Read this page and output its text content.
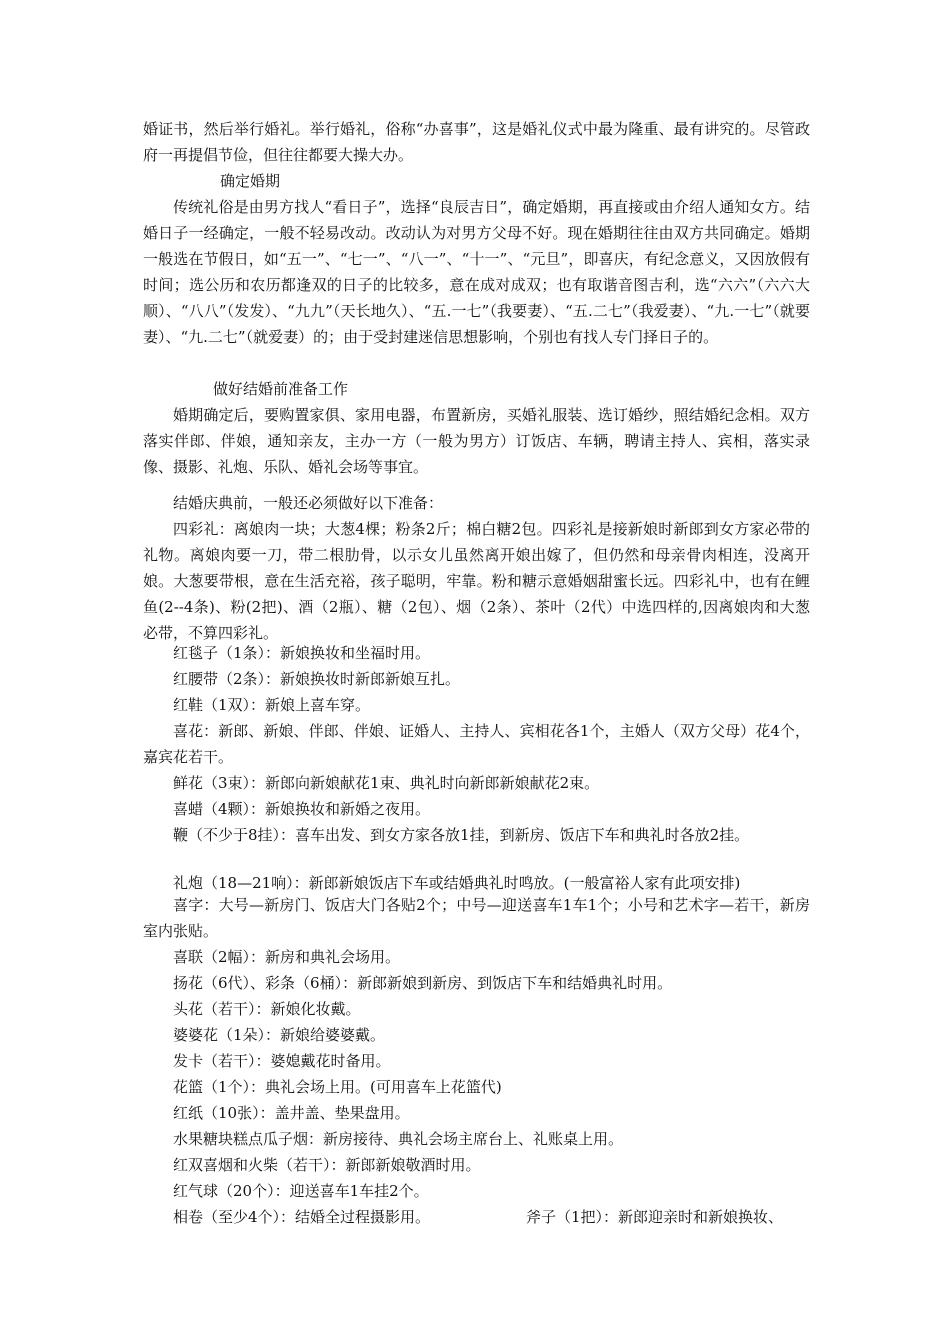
婚证书，然后举行婚礼。举行婚礼，俗称“办喜事”，这是婚礼仪式中最为隆重、最有讲究的。尽管政府一再提倡节俭，但往往都要大操大办。

确定婚期

传统礼俗是由男方找人“看日子”，选择“良辰吉日”，确定婚期，再直接或由介绍人通知女方。结婚日子一经确定，一般不轻易改动。改动认为对男方父母不好。现在婚期往往由双方共同确定。婚期一般选在节假日，如“五一”、“七一”、“八一”、“十一”、“元旦”，即喜庆，有纪念意义，又因放假有时间；选公历和农历都逢双的日子的比较多，意在成对成双；也有取谐音图吉利，选“六六”（六六大顺）、“八八”（发发）、“九九”（天长地久）、“五.一七”（我要妻）、“五.二七”（我爱妻）、“九.一七”（就要妻）、“九.二七”（就爱妻）的；由于受封建迷信思想影响，个别也有找人专门择日子的。

做好结婚前准备工作

婚期确定后，要购置家俱、家用电器，布置新房，买婚礼服装、选订婚纱，照结婚纪念相。双方落实伴郎、伴娘，通知亲友，主办一方（一般为男方）订饭店、车辆，聘请主持人、宾相，落实录像、摄影、礼炮、乐队、婚礼会场等事宜。

结婚庆典前，一般还必须做好以下准备：

四彩礼：离娘肉一块；大葱4棵；粉条2斤；棉白糖2包。四彩礼是接新娘时新郎到女方家必带的礼物。离娘肉要一刀，带二根肋骨，以示女儿虽然离开娘出嫁了，但仍然和母亲骨肉相连，没离开娘。大葱要带根，意在生活充裕，孩子聪明，牢靠。粉和糖示意婚姻甜蜜长远。四彩礼中，也有在鲤鱼(2--4条)、粉(2把)、酒（2瓶）、糖（2包）、烟（2条）、茶叶（2代）中选四样的,因离娘肉和大葱必带，不算四彩礼。

红毯子（1条）：新娘换妆和坐福时用。

红腰带（2条）：新娘换妆时新郎新娘互扎。

红鞋（1双）：新娘上喜车穿。

喜花：新郎、新娘、伴郎、伴娘、证婚人、主持人、宾相花各1个，主婚人（双方父母）花4个，嘉宾花若干。

鲜花（3束）：新郎向新娘献花1束、典礼时向新郎新娘献花2束。

喜蜡（4颗）：新娘换妆和新婚之夜用。

鞭（不少于8挂）：喜车出发、到女方家各放1挂，到新房、饭店下车和典礼时各放2挂。

礼炮（18—21响）：新郎新娘饭店下车或结婚典礼时鸣放。(一般富裕人家有此项安排)

喜字：大号—新房门、饭店大门各贴2个；中号—迎送喜车1车1个；小号和艺术字—若干，新房室内张贴。

喜联（2幅）：新房和典礼会场用。

扬花（6代）、彩条（6桶）：新郎新娘到新房、到饭店下车和结婚典礼时用。

头花（若干）：新娘化妆戴。

婆婆花（1朵）：新娘给婆婆戴。

发卡（若干）：婆媳戴花时备用。

花篮（1个）：典礼会场上用。(可用喜车上花篮代)

红纸（10张）：盖井盖、垫果盘用。

水果糖块糕点瓜子烟：新房接待、典礼会场主席台上、礼账桌上用。

红双喜烟和火柴（若干）：新郎新娘敬酒时用。

红气球（20个）：迎送喜车1车挂2个。

相卷（至少4个）：结婚全过程摄影用。	斧子（1把）：新郎迎亲时和新娘换妆、
